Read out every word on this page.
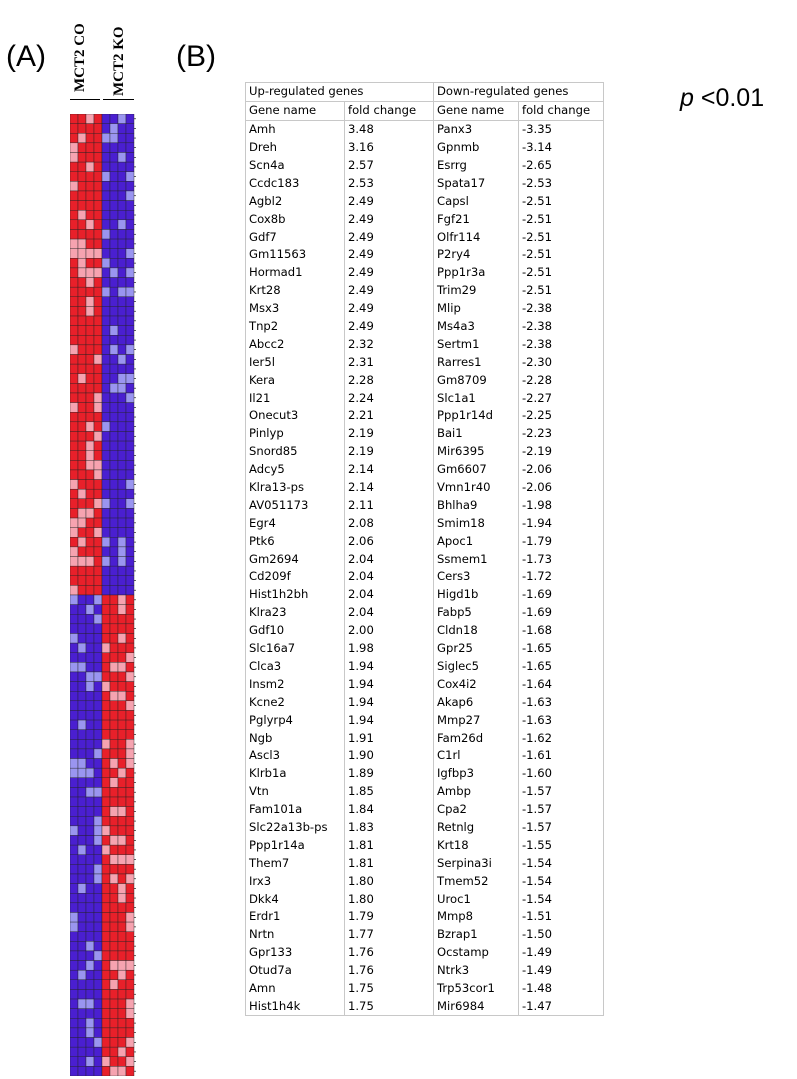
(A)	(B)
MCT2 CO MCT2 KO	Up-regulated genes		Down-regulated genes	
Gene name	fold change	Gene name	fold change
Amh	3.48	Panx3	-3.35
Dreh	3.16	Gpnmb	-3.14
Scn4a	2.57	Esrrg	-2.65
Ccdc183	2.53	Spata17	-2.53
Agbl2	2.49	Capsl	-2.51
Cox8b	2.49	Fgf21	-2.51
Gdf7	2.49	Olfr114	-2.51
Gm11563	2.49	P2ry4	-2.51
Hormad1	2.49	Ppp1r3a	-2.51
Krt28	2.49	Trim29	-2.51
Msx3	2.49	Mlip	-2.38
Tnp2	2.49	Ms4a3	-2.38
Abcc2	2.32	Sertm1	-2.38
Ier5l	2.31	Rarres1	-2.30
Kera	2.28	Gm8709	-2.28
Il21	2.24	Slc1a1	-2.27
Onecut3	2.21	Ppp1r14d	-2.25
Pinlyp	2.19	Bai1	-2.23
Snord85	2.19	Mir6395	-2.19
Adcy5	2.14	Gm6607	-2.06
Klra13-ps	2.14	Vmn1r40	-2.06
AV051173	2.11	Bhlha9	-1.98
Egr4	2.08	Smim18	-1.94
Ptk6	2.06	Apoc1	-1.79
Gm2694	2.04	Ssmem1	-1.73
Cd209f	2.04	Cers3	-1.72
Hist1h2bh	2.04	Higd1b	-1.69
Klra23	2.04	Fabp5	-1.69
Gdf10	2.00	Cldn18	-1.68
Slc16a7	1.98	Gpr25	-1.65
Clca3	1.94	Siglec5	-1.65
Insm2	1.94	Cox4i2	-1.64
Kcne2	1.94	Akap6	-1.63
Pglyrp4	1.94	Mmp27	-1.63
Ngb	1.91	Fam26d	-1.62
Ascl3	1.90	C1rl	-1.61
Klrb1a	1.89	Igfbp3	-1.60
Vtn	1.85	Ambp	-1.57
Fam101a	1.84	Cpa2	-1.57
Slc22a13b-ps	1.83	Retnlg	-1.57
Ppp1r14a	1.81	Krt18	-1.55
Them7	1.81	Serpina3i	-1.54
Irx3	1.80	Tmem52	-1.54
Dkk4	1.80	Uroc1	-1.54
Erdr1	1.79	Mmp8	-1.51
Nrtn	1.77	Bzrap1	-1.50
Gpr133	1.76	Ocstamp	-1.49
Otud7a	1.76	Ntrk3	-1.49
Amn	1.75	Trp53cor1	-1.48
Hist1h4k	1.75	Mir6984	-1.47
p <0.01
